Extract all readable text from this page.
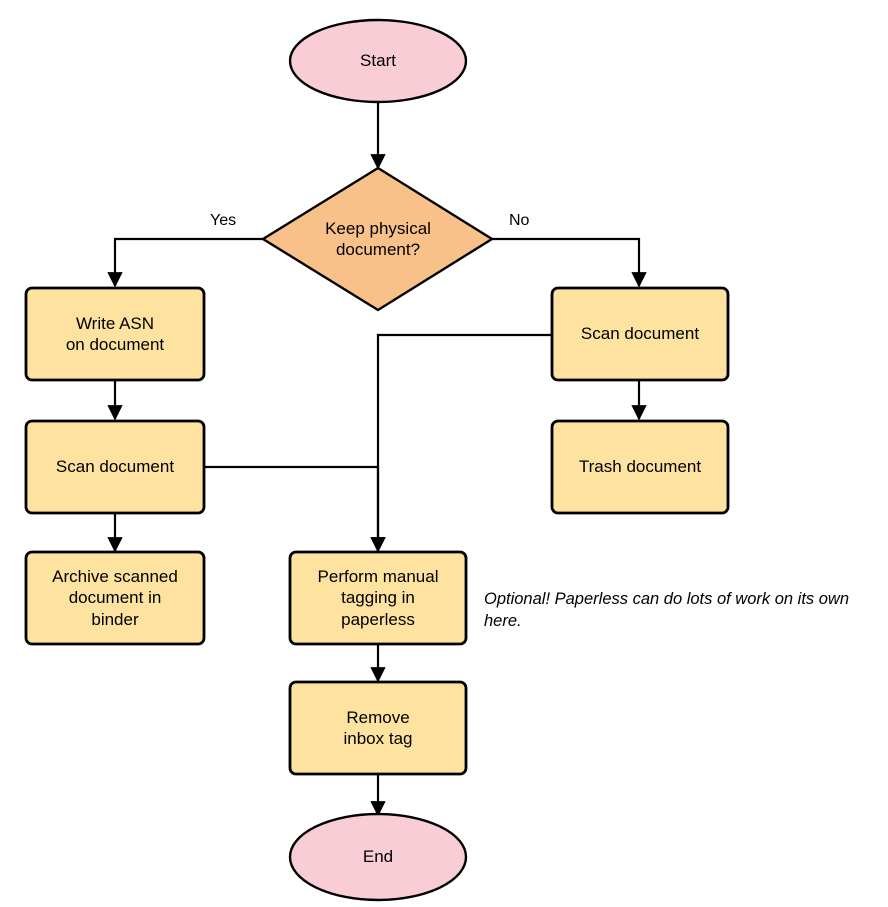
Start
Keep physical
document?
Write ASN
on document
Scan document
Archive scanned
document in
binder
Scan document
Trash document
Perform manual
tagging in
paperless
Remove
inbox tag
End
Yes	No
Optional! Paperless can do lots of work on its own here.
